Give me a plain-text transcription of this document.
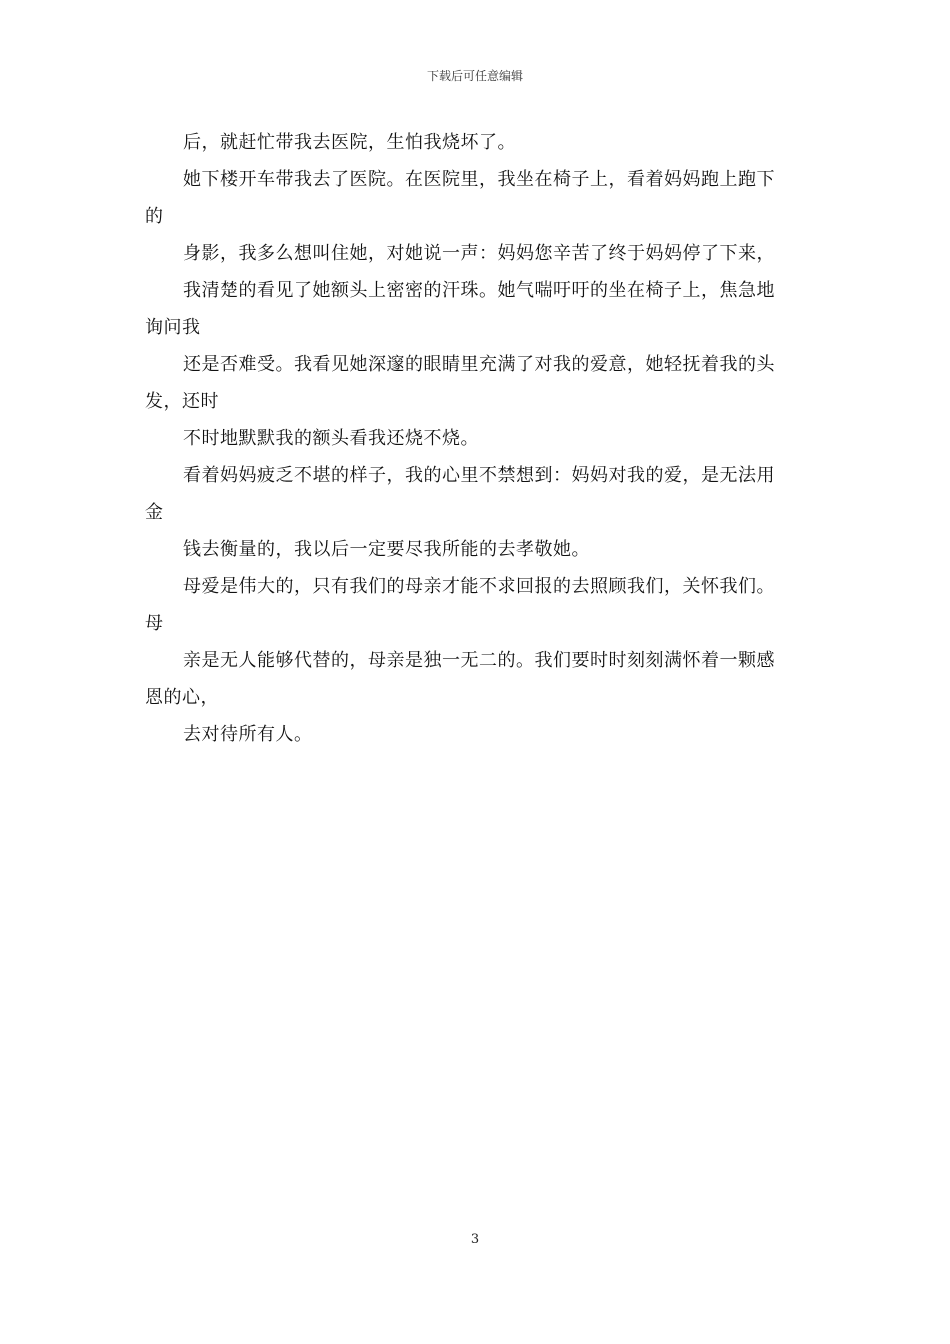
下载后可任意编辑
后，就赶忙带我去医院，生怕我烧坏了。
她下楼开车带我去了医院。在医院里，我坐在椅子上，看着妈妈跑上跑下
的
身影，我多么想叫住她，对她说一声：妈妈您辛苦了终于妈妈停了下来，
我清楚的看见了她额头上密密的汗珠。她气喘吁吁的坐在椅子上，焦急地
询问我
还是否难受。我看见她深邃的眼睛里充满了对我的爱意，她轻抚着我的头
发，还时
不时地默默我的额头看我还烧不烧。
看着妈妈疲乏不堪的样子，我的心里不禁想到：妈妈对我的爱，是无法用
金
钱去衡量的，我以后一定要尽我所能的去孝敬她。
母爱是伟大的，只有我们的母亲才能不求回报的去照顾我们，关怀我们。
母
亲是无人能够代替的，母亲是独一无二的。我们要时时刻刻满怀着一颗感
恩的心，
去对待所有人。
3
